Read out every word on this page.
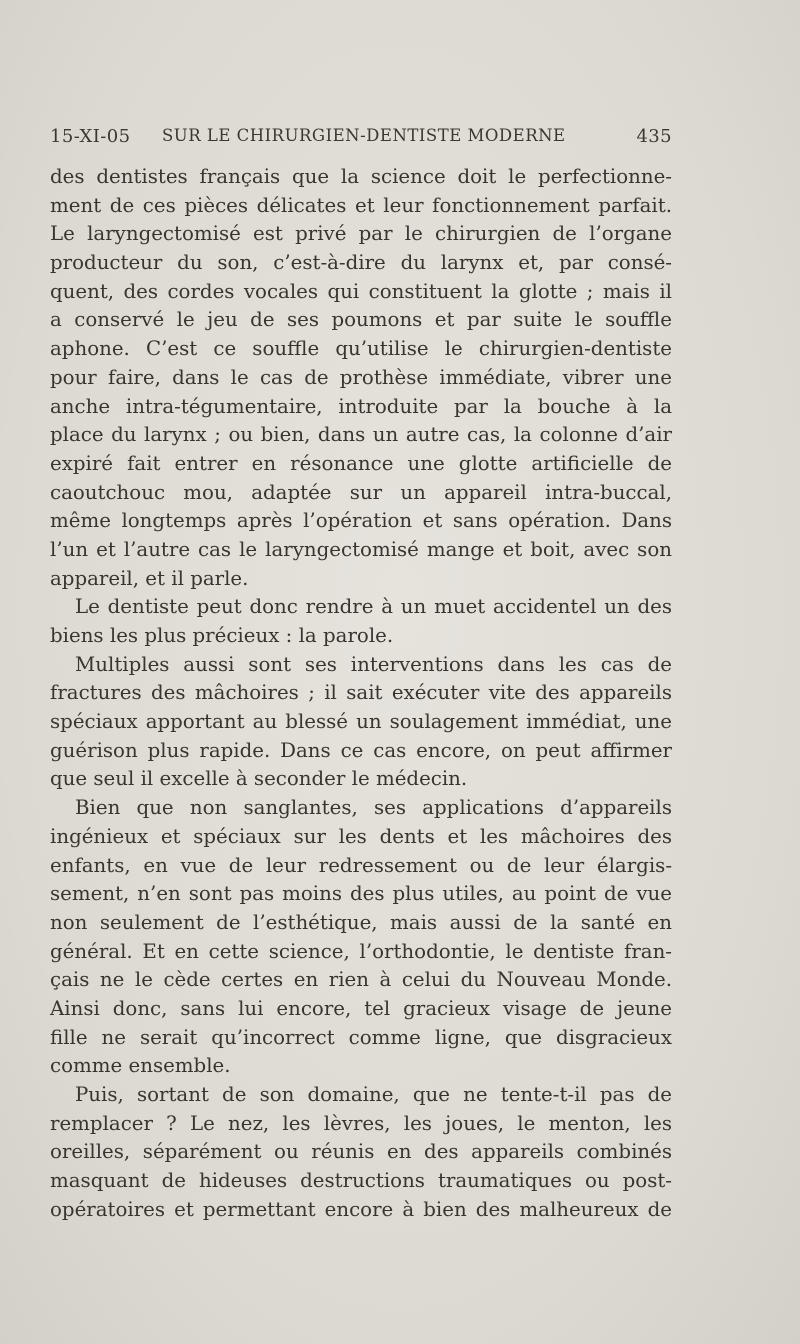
15-XI-05 SUR LE CHIRURGIEN-DENTISTE MODERNE	435
des dentistes français que la science doit le perfectionne-
ment de ces pièces délicates et leur fonctionnement parfait.
Le laryngectomisé est privé par le chirurgien de l’organe
producteur du son, c’est-à-dire du larynx et, par consé-
quent, des cordes vocales qui constituent la glotte ; mais il
a conservé le jeu de ses poumons et par suite le souffle
aphone. C’est ce souffle qu’utilise le chirurgien-dentiste
pour faire, dans le cas de prothèse immédiate, vibrer une
anche intra-tégumentaire, introduite par la bouche à la
place du larynx ; ou bien, dans un autre cas, la colonne d’air
expiré fait entrer en résonance une glotte artificielle de
caoutchouc mou, adaptée sur un appareil intra-buccal,
même longtemps après l’opération et sans opération. Dans
l’un et l’autre cas le laryngectomisé mange et boit, avec son
appareil, et il parle.
Le dentiste peut donc rendre à un muet accidentel un des
biens les plus précieux : la parole.
Multiples aussi sont ses interventions dans les cas de
fractures des mâchoires ; il sait exécuter vite des appareils
spéciaux apportant au blessé un soulagement immédiat, une
guérison plus rapide. Dans ce cas encore, on peut affirmer
que seul il excelle à seconder le médecin.
Bien que non sanglantes, ses applications d’appareils
ingénieux et spéciaux sur les dents et les mâchoires des
enfants, en vue de leur redressement ou de leur élargis-
sement, n’en sont pas moins des plus utiles, au point de vue
non seulement de l’esthétique, mais aussi de la santé en
général. Et en cette science, l’orthodontie, le dentiste fran-
çais ne le cède certes en rien à celui du Nouveau Monde.
Ainsi donc, sans lui encore, tel gracieux visage de jeune
fille ne serait qu’incorrect comme ligne, que disgracieux
comme ensemble.
Puis, sortant de son domaine, que ne tente-t-il pas de
remplacer ? Le nez, les lèvres, les joues, le menton, les
oreilles, séparément ou réunis en des appareils combinés
masquant de hideuses destructions traumatiques ou post-
opératoires et permettant encore à bien des malheureux de
